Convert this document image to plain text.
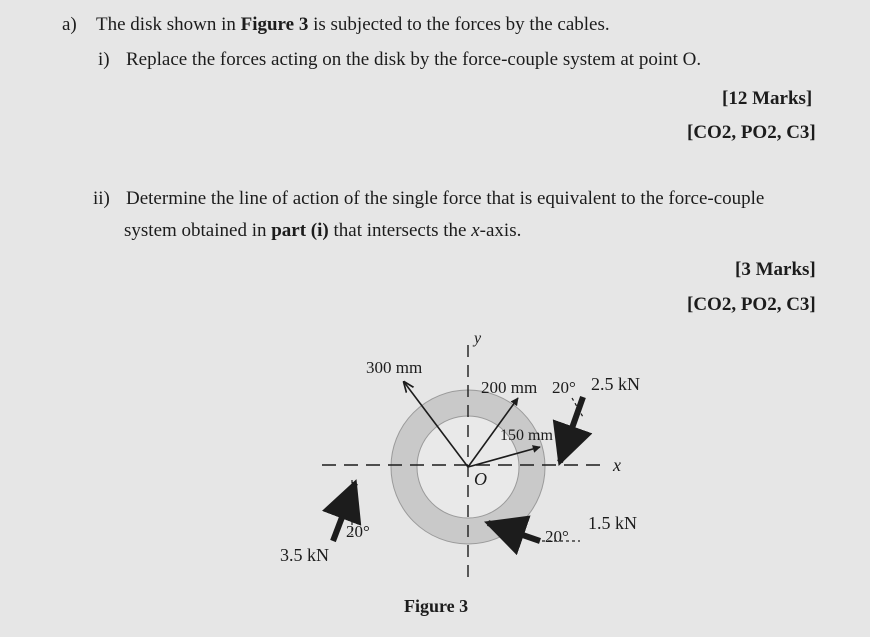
a) The disk shown in Figure 3 is subjected to the forces by the cables.
i) Replace the forces acting on the disk by the force-couple system at point O.
[12 Marks]
[CO2, PO2, C3]
ii) Determine the line of action of the single force that is equivalent to the force-couple
system obtained in part (i) that intersects the x-axis.
[3 Marks]
[CO2, PO2, C3]
y
x
O
300 mm
200 mm
150 mm
20° 2.5 kN
20°
1.5 kN
20°
3.5 kN
Figure 3
